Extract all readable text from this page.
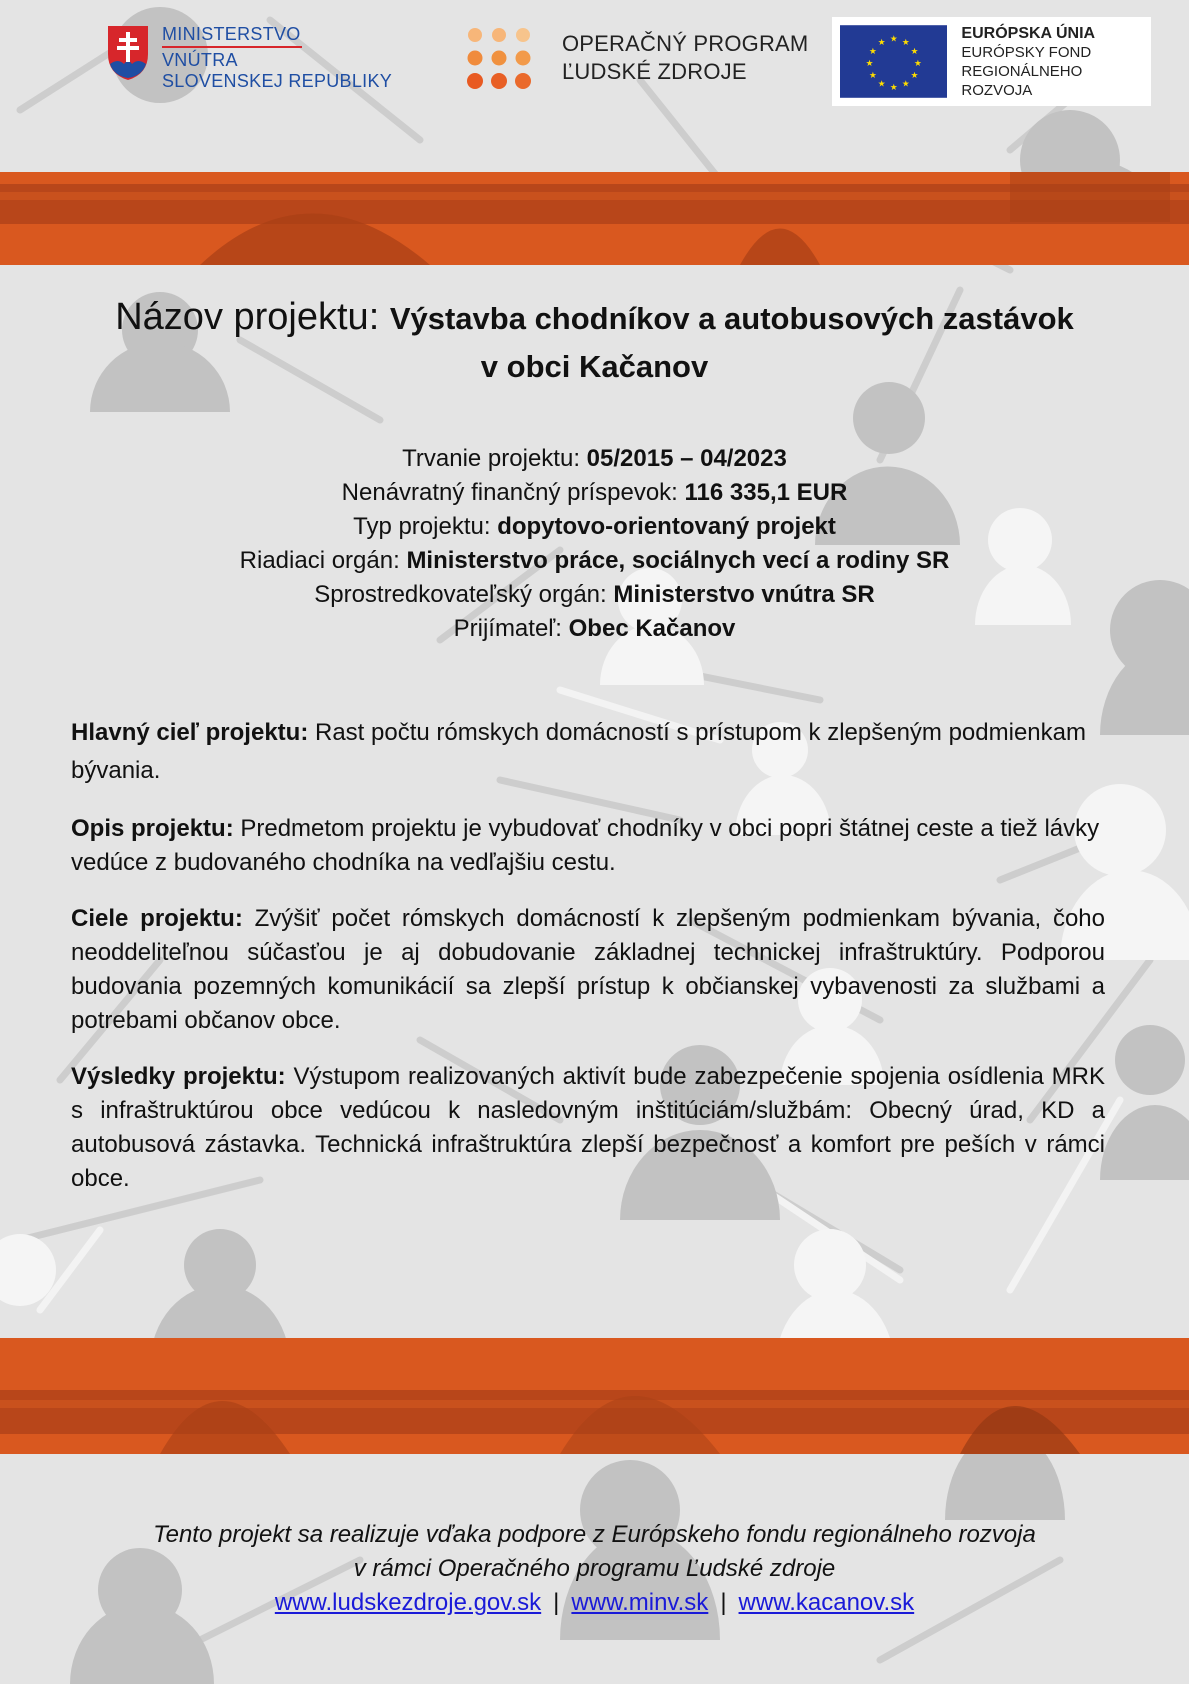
MINISTERSTVO
VNÚTRA
SLOVENSKEJ REPUBLIKY
OPERAČNÝ PROGRAM
ĽUDSKÉ ZDROJE
★ ★
★
★
★
★
★
★
★
★
★
★
EURÓPSKA ÚNIA
EURÓPSKY FOND
REGIONÁLNEHO ROZVOJA
Názov projektu: Výstavba chodníkov a autobusových zastávok
v obci Kačanov
Trvanie projektu: 05/2015 – 04/2023
Nenávratný finančný príspevok: 116 335,1 EUR
Typ projektu: dopytovo-orientovaný projekt
Riadiaci orgán: Ministerstvo práce, sociálnych vecí a rodiny SR
Sprostredkovateľský orgán: Ministerstvo vnútra SR
Prijímateľ: Obec Kačanov

Hlavný cieľ projektu: Rast počtu rómskych domácností s prístupom k zlepšeným podmienkam bývania.

Opis projektu: Predmetom projektu je vybudovať chodníky v obci popri štátnej ceste a tiež lávky vedúce z budovaného chodníka na vedľajšiu cestu.

Ciele projektu: Zvýšiť počet rómskych domácností k zlepšeným podmienkam bývania, čoho neoddeliteľnou súčasťou je aj dobudovanie základnej technickej infraštruktúry. Podporou budovania pozemných komunikácií sa zlepší prístup k občianskej vybavenosti za službami a potrebami občanov obce.

Výsledky projektu: Výstupom realizovaných aktivít bude zabezpečenie spojenia osídlenia MRK s infraštruktúrou obce vedúcou k nasledovným inštitúciám/službám: Obecný úrad, KD a autobusová zástavka. Technická infraštruktúra zlepší bezpečnosť a komfort pre peších v rámci obce.

Tento projekt sa realizuje vďaka podpore z Európskeho fondu regionálneho rozvoja
v rámci Operačného programu Ľudské zdroje
www.ludskezdroje.gov.sk | www.minv.sk | www.kacanov.sk
